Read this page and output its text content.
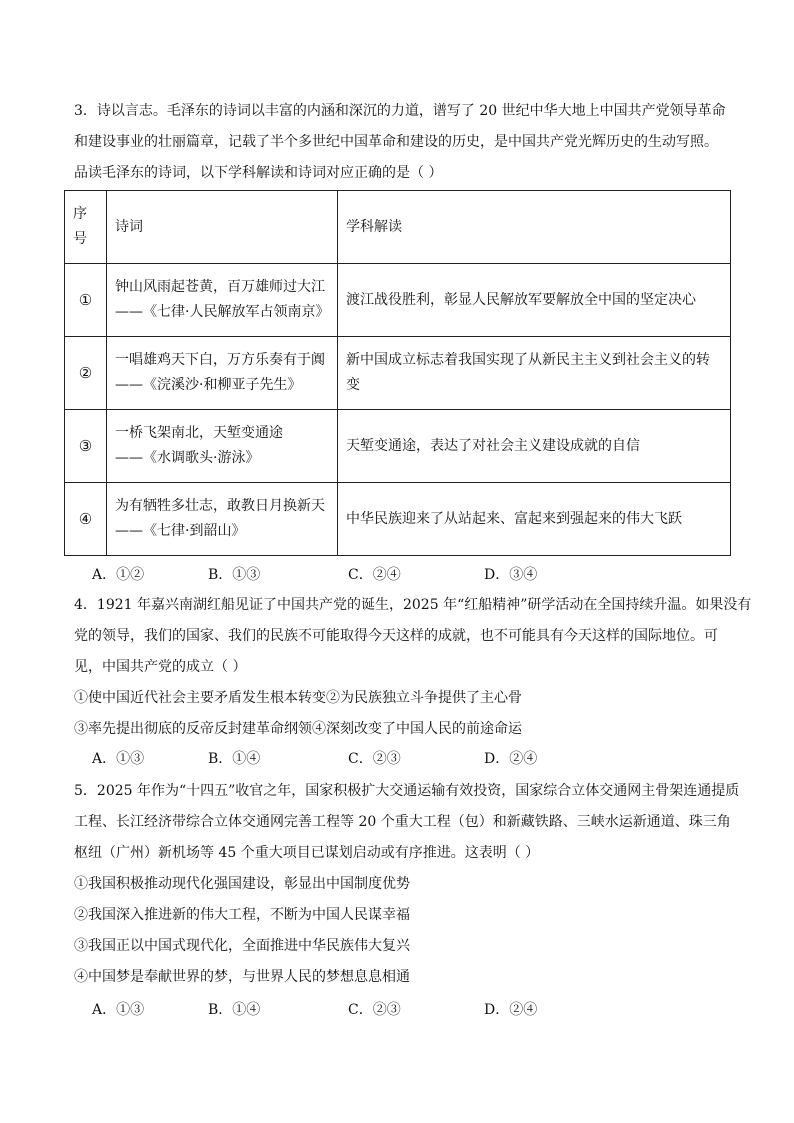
3．诗以言志。毛泽东的诗词以丰富的内涵和深沉的力道，谱写了 20 世纪中华大地上中国共产党领导革命
和建设事业的壮丽篇章，记载了半个多世纪中国革命和建设的历史，是中国共产党光辉历史的生动写照。
品读毛泽东的诗词，以下学科解读和诗词对应正确的是（ ）
序号	诗词	学科解读
①	钟山风雨起苍黄，百万雄师过大江
——《七律·人民解放军占领南京》	渡江战役胜利，彰显人民解放军要解放全中国的坚定决心
②	一唱雄鸡天下白，万方乐奏有于阗
——《浣溪沙·和柳亚子先生》	新中国成立标志着我国实现了从新民主主义到社会主义的转变
③	一桥飞架南北，天堑变通途
——《水调歌头·游泳》	天堑变通途，表达了对社会主义建设成就的自信
④	为有牺牲多壮志，敢教日月换新天
——《七律·到韶山》	中华民族迎来了从站起来、富起来到强起来的伟大飞跃
A．①②	B．①③	C．②④	D．③④
4．1921 年嘉兴南湖红船见证了中国共产党的诞生，2025 年“红船精神”研学活动在全国持续升温。如果没有
党的领导，我们的国家、我们的民族不可能取得今天这样的成就，也不可能具有今天这样的国际地位。可
见，中国共产党的成立（ ）
①使中国近代社会主要矛盾发生根本转变②为民族独立斗争提供了主心骨
③率先提出彻底的反帝反封建革命纲领④深刻改变了中国人民的前途命运
A．①③	B．①④	C．②③	D．②④
5．2025 年作为“十四五”收官之年，国家积极扩大交通运输有效投资，国家综合立体交通网主骨架连通提质
工程、长江经济带综合立体交通网完善工程等 20 个重大工程（包）和新藏铁路、三峡水运新通道、珠三角
枢纽（广州）新机场等 45 个重大项目已谋划启动或有序推进。这表明（ ）
①我国积极推动现代化强国建设，彰显出中国制度优势
②我国深入推进新的伟大工程，不断为中国人民谋幸福
③我国正以中国式现代化，全面推进中华民族伟大复兴
④中国梦是奉献世界的梦，与世界人民的梦想息息相通
A．①③	B．①④	C．②③	D．②④
